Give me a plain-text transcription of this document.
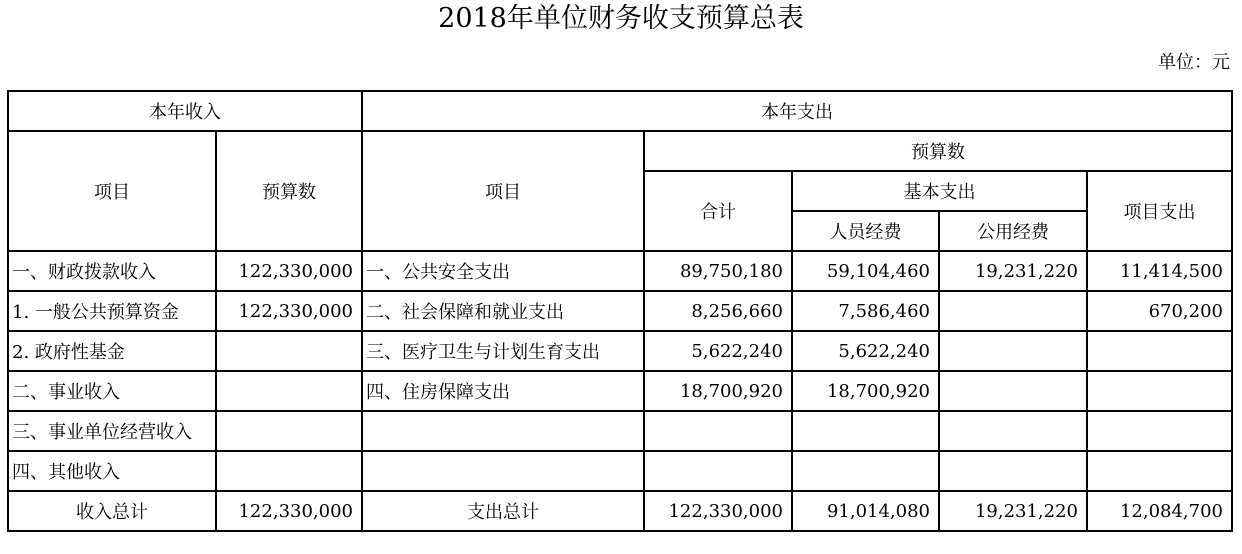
2018年单位财务收支预算总表
单位：元
本年收入		本年支出				
项目	预算数	项目	预算数			
			合计	基本支出		项目支出
				人员经费	公用经费	
一、财政拨款收入	122,330,000	一、公共安全支出	89,750,180	59,104,460	19,231,220	11,414,500
1. 一般公共预算资金	122,330,000	二、社会保障和就业支出	8,256,660	7,586,460		670,200
2. 政府性基金		三、医疗卫生与计划生育支出	5,622,240	5,622,240		
二、事业收入		四、住房保障支出	18,700,920	18,700,920		
三、事业单位经营收入						
四、其他收入						
收入总计	122,330,000	支出总计	122,330,000	91,014,080	19,231,220	12,084,700
